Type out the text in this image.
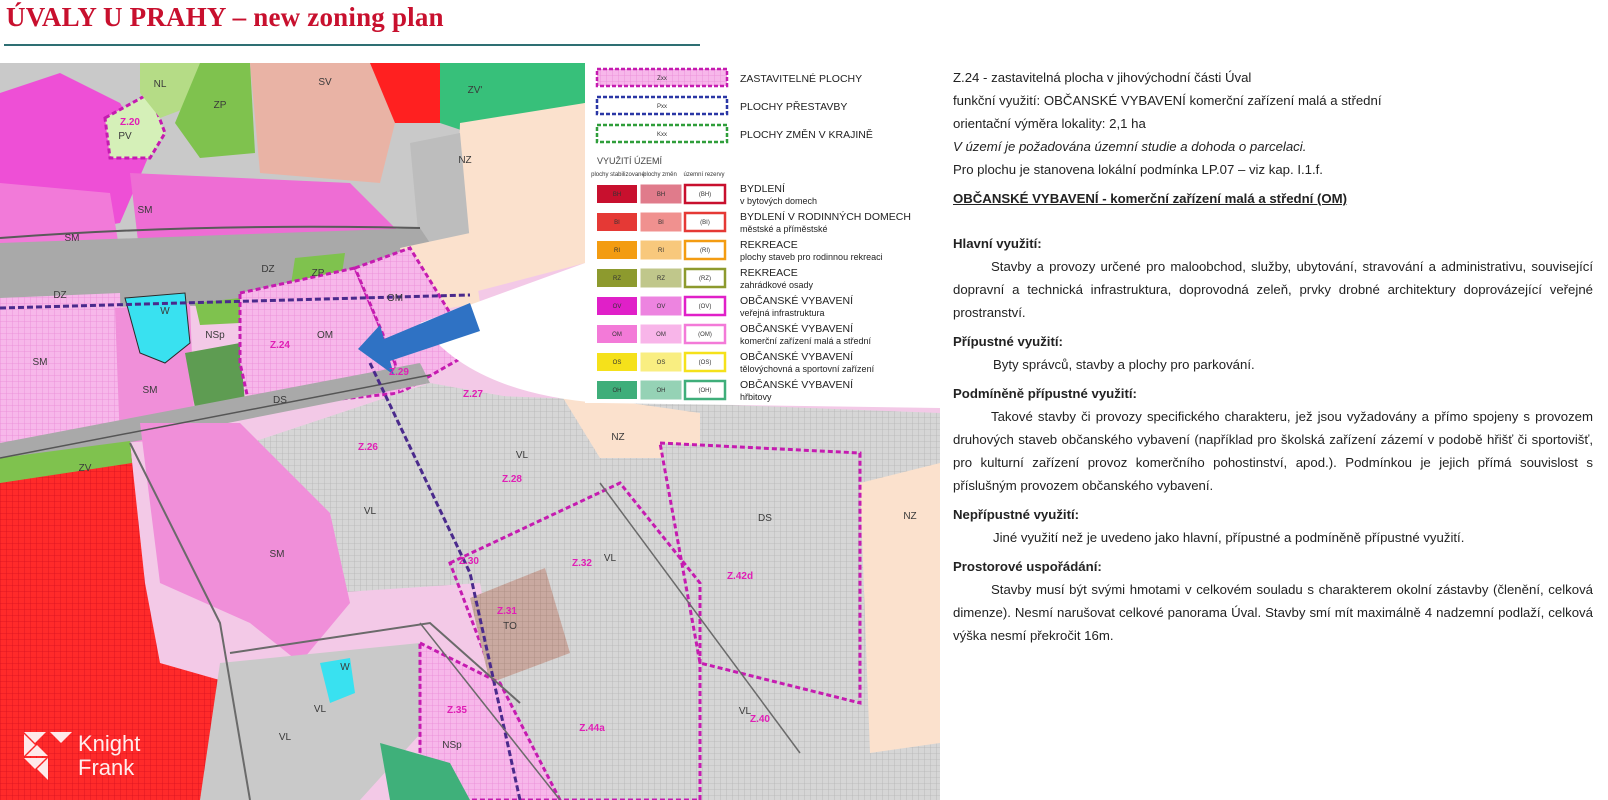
ÚVALY U PRAHY – new zoning plan
Z.20
Z.24
Z.29
Z.27
Z.26
Z.28
Z.30	Z.32
Z.31
Z.42d
Z.35
Z.44a
Z.40
NL	SV
ZP
PV
ZV'
NZ
DZ
DZ	ZP
SM
SM
SM
SM
W
NSp	OM
OM
DS
ZV
VL
VL
NZ
VL
DS	NZ
VL
TO
SM
W
VL
NSp
VL
Zxx	ZASTAVITELNÉ PLOCHY
Pxx	PLOCHY PŘESTAVBY
Kxx	PLOCHY ZMĚN V KRAJINĚ
VYUŽITÍ ÚZEMÍ
plochy stabilizované
plochy změn územní rezervy
BH	BH	(BH)	BYDLENÍ
v bytových domech
BI	BI	(BI)	BYDLENÍ V RODINNÝCH DOMECH
městské a příměstské
RI	RI	(RI)	REKREACE
plochy staveb pro rodinnou rekreaci
RZ	RZ	(RZ)	REKREACE
zahrádkové osady
OV	OV	(OV)	OBČANSKÉ VYBAVENÍ
veřejná infrastruktura
OM	OM	(OM)	OBČANSKÉ VYBAVENÍ
komerční zařízení malá a střední
OS	OS	(OS)	OBČANSKÉ VYBAVENÍ
tělovýchovná a sportovní zařízení
OH	OH	(OH)	OBČANSKÉ VYBAVENÍ
hřbitovy

Z.24 - zastavitelná plocha v jihovýchodní části Úval

funkční využití: OBČANSKÉ VYBAVENÍ komerční zařízení malá a střední

orientační výměra lokality: 2,1 ha

V území je požadována územní studie a dohoda o parcelaci.

Pro plochu je stanovena lokální podmínka LP.07 – viz kap. I.1.f.

OBČANSKÉ VYBAVENÍ - komerční zařízení malá a střední (OM)

Hlavní využití:

Stavby a provozy určené pro maloobchod, služby, ubytování, stravování a administrativu, související dopravní a technická infrastruktura, doprovodná zeleň, prvky drobné architektury doprovázející veřejné prostranství.

Přípustné využití:

Byty správců, stavby a plochy pro parkování.

Podmíněně přípustné využití:

Takové stavby či provozy specifického charakteru, jež jsou vyžadovány a přímo spojeny s provozem druhových staveb občanského vybavení (například pro školská zařízení zázemí v podobě hřišť či sportovišť, pro kulturní zařízení provoz komerčního pohostinství, apod.). Podmínkou je jejich přímá souvislost s příslušným provozem občanského vybavení.

Nepřípustné využití:

Jiné využití než je uvedeno jako hlavní, přípustné a podmíněně přípustné využití.

Prostorové uspořádání:

Stavby musí být svými hmotami v celkovém souladu s charakterem okolní zástavby (členění, celková dimenze). Nesmí narušovat celkové panorama Úval. Stavby smí mít maximálně 4 nadzemní podlaží, celková výška nesmí překročit 16m.

Knight
Frank
